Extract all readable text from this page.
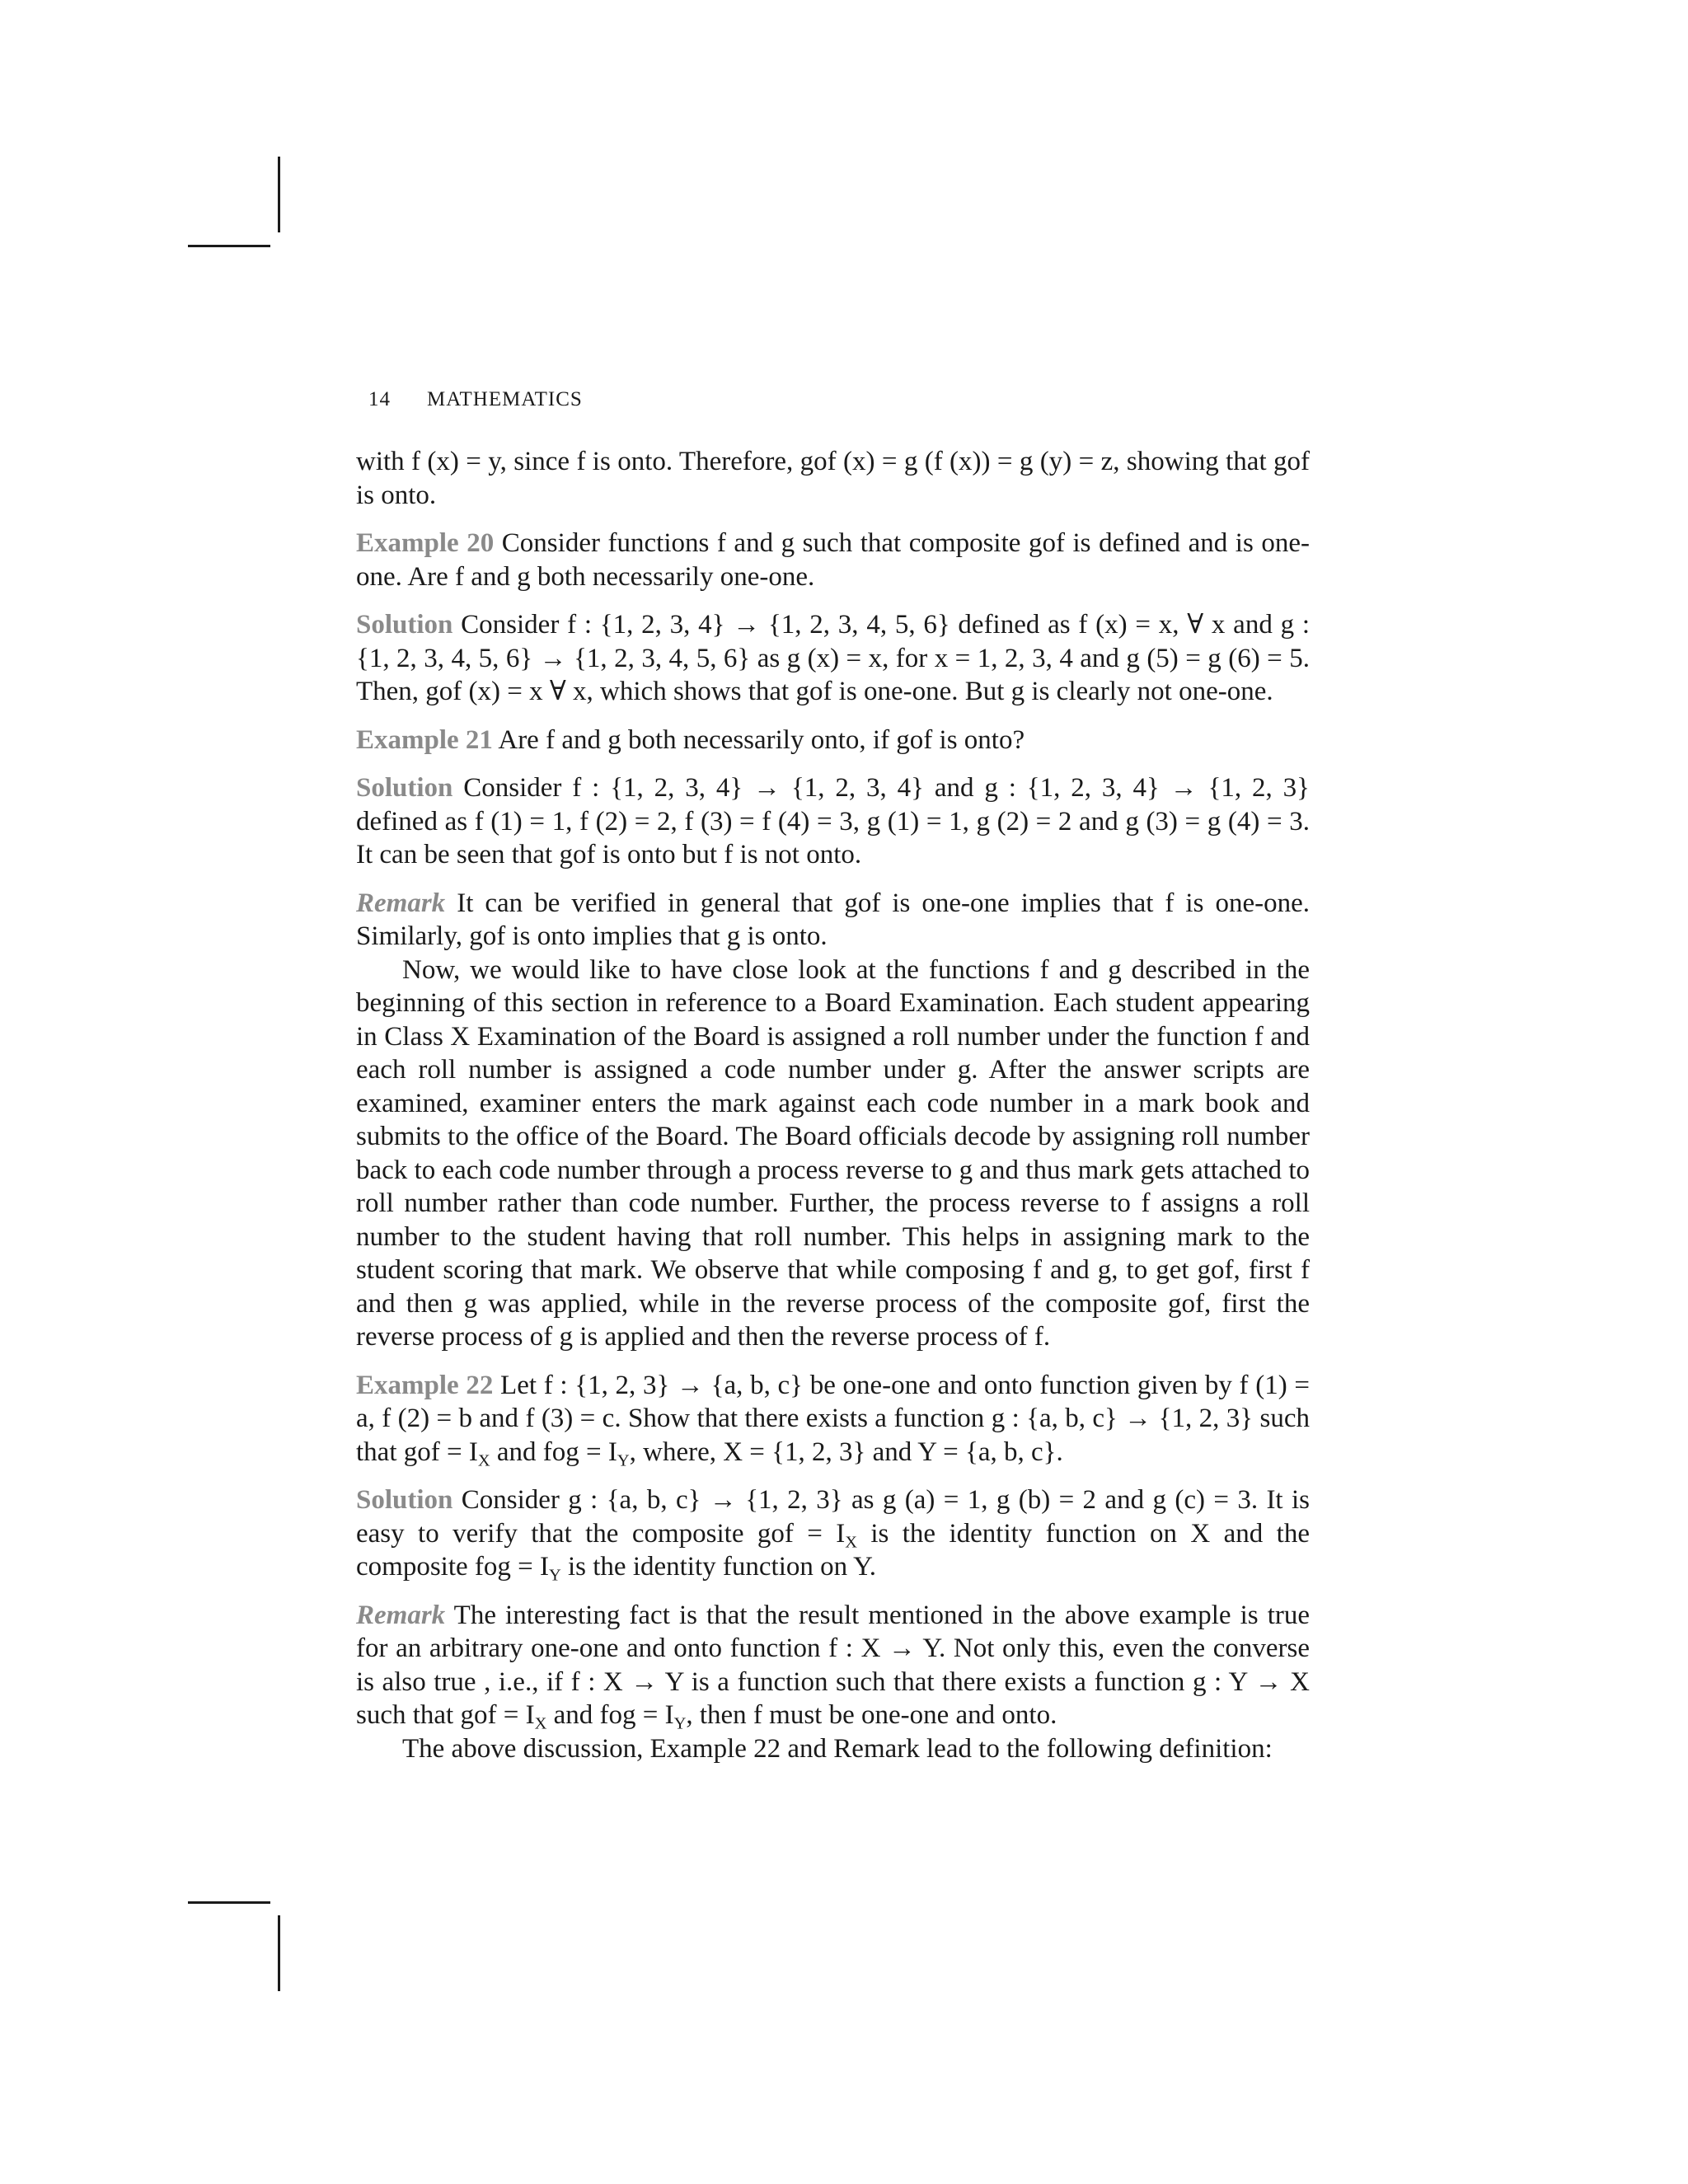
14 MATHEMATICS

with f (x) = y, since f is onto. Therefore, gof (x) = g (f (x)) = g (y) = z, showing that gof is onto.

Example 20 Consider functions f and g such that composite gof is defined and is one-one. Are f and g both necessarily one-one.

Solution Consider f : {1, 2, 3, 4} → {1, 2, 3, 4, 5, 6} defined as f (x) = x, ∀ x and g : {1, 2, 3, 4, 5, 6} → {1, 2, 3, 4, 5, 6} as g (x) = x, for x = 1, 2, 3, 4 and g (5) = g (6) = 5. Then, gof (x) = x ∀ x, which shows that gof is one-one. But g is clearly not one-one.

Example 21 Are f and g both necessarily onto, if gof is onto?

Solution Consider f : {1, 2, 3, 4} → {1, 2, 3, 4} and g : {1, 2, 3, 4} → {1, 2, 3} defined as f (1) = 1, f (2) = 2, f (3) = f (4) = 3, g (1) = 1, g (2) = 2 and g (3) = g (4) = 3. It can be seen that gof is onto but f is not onto.

Remark It can be verified in general that gof is one-one implies that f is one-one. Similarly, gof is onto implies that g is onto.

Now, we would like to have close look at the functions f and g described in the beginning of this section in reference to a Board Examination. Each student appearing in Class X Examination of the Board is assigned a roll number under the function f and each roll number is assigned a code number under g. After the answer scripts are examined, examiner enters the mark against each code number in a mark book and submits to the office of the Board. The Board officials decode by assigning roll number back to each code number through a process reverse to g and thus mark gets attached to roll number rather than code number. Further, the process reverse to f assigns a roll number to the student having that roll number. This helps in assigning mark to the student scoring that mark. We observe that while composing f and g, to get gof, first f and then g was applied, while in the reverse process of the composite gof, first the reverse process of g is applied and then the reverse process of f.

Example 22 Let f : {1, 2, 3} → {a, b, c} be one-one and onto function given by f (1) = a, f (2) = b and f (3) = c. Show that there exists a function g : {a, b, c} → {1, 2, 3} such that gof = $I_X$ and fog = $I_Y$, where, X = {1, 2, 3} and Y = {a, b, c}.

Solution Consider g : {a, b, c} → {1, 2, 3} as g (a) = 1, g (b) = 2 and g (c) = 3. It is easy to verify that the composite gof = $I_X$ is the identity function on X and the composite fog = $I_Y$ is the identity function on Y.

Remark The interesting fact is that the result mentioned in the above example is true for an arbitrary one-one and onto function f : X → Y. Not only this, even the converse is also true , i.e., if f : X → Y is a function such that there exists a function g : Y → X such that gof = $I_X$ and fog = $I_Y$, then f must be one-one and onto.

The above discussion, Example 22 and Remark lead to the following definition:
